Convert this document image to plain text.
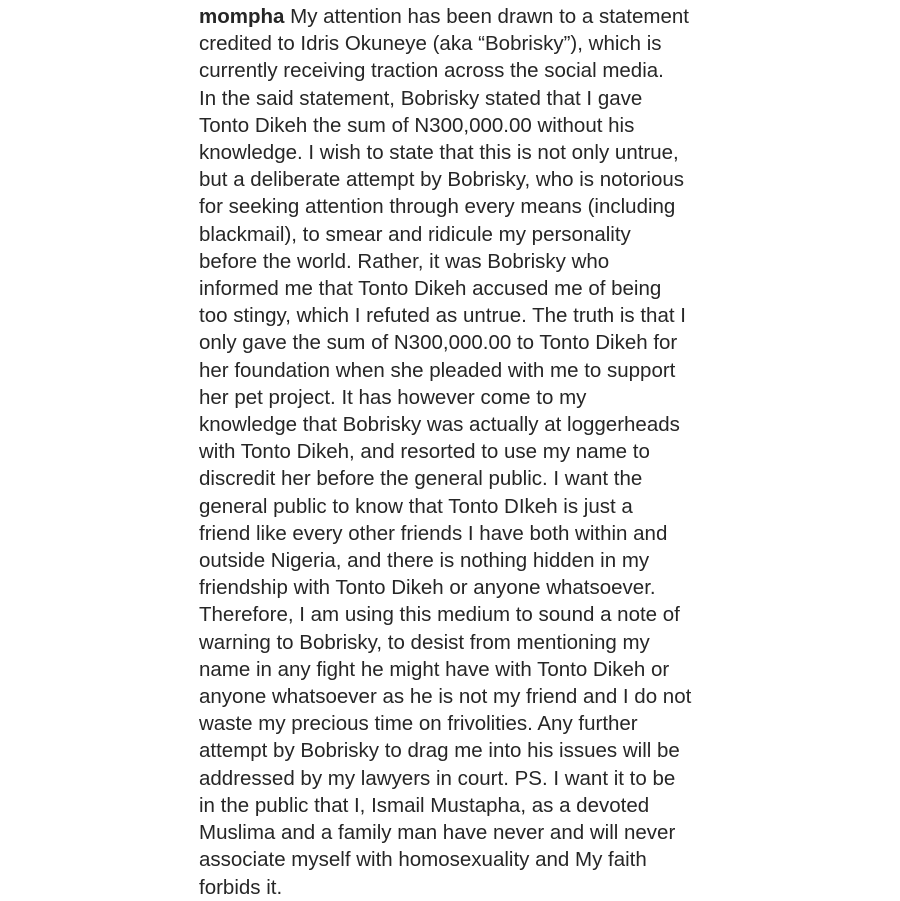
mompha My attention has been drawn to a statement
credited to Idris Okuneye (aka “Bobrisky”), which is
currently receiving traction across the social media.
In the said statement, Bobrisky stated that I gave
Tonto Dikeh the sum of N300,000.00 without his
knowledge. I wish to state that this is not only untrue,
but a deliberate attempt by Bobrisky, who is notorious
for seeking attention through every means (including
blackmail), to smear and ridicule my personality
before the world. Rather, it was Bobrisky who
informed me that Tonto Dikeh accused me of being
too stingy, which I refuted as untrue. The truth is that I
only gave the sum of N300,000.00 to Tonto Dikeh for
her foundation when she pleaded with me to support
her pet project. It has however come to my
knowledge that Bobrisky was actually at loggerheads
with Tonto Dikeh, and resorted to use my name to
discredit her before the general public. I want the
general public to know that Tonto DIkeh is just a
friend like every other friends I have both within and
outside Nigeria, and there is nothing hidden in my
friendship with Tonto Dikeh or anyone whatsoever.
Therefore, I am using this medium to sound a note of
warning to Bobrisky, to desist from mentioning my
name in any fight he might have with Tonto Dikeh or
anyone whatsoever as he is not my friend and I do not
waste my precious time on frivolities. Any further
attempt by Bobrisky to drag me into his issues will be
addressed by my lawyers in court. PS. I want it to be
in the public that I, Ismail Mustapha, as a devoted
Muslima and a family man have never and will never
associate myself with homosexuality and My faith
forbids it.
